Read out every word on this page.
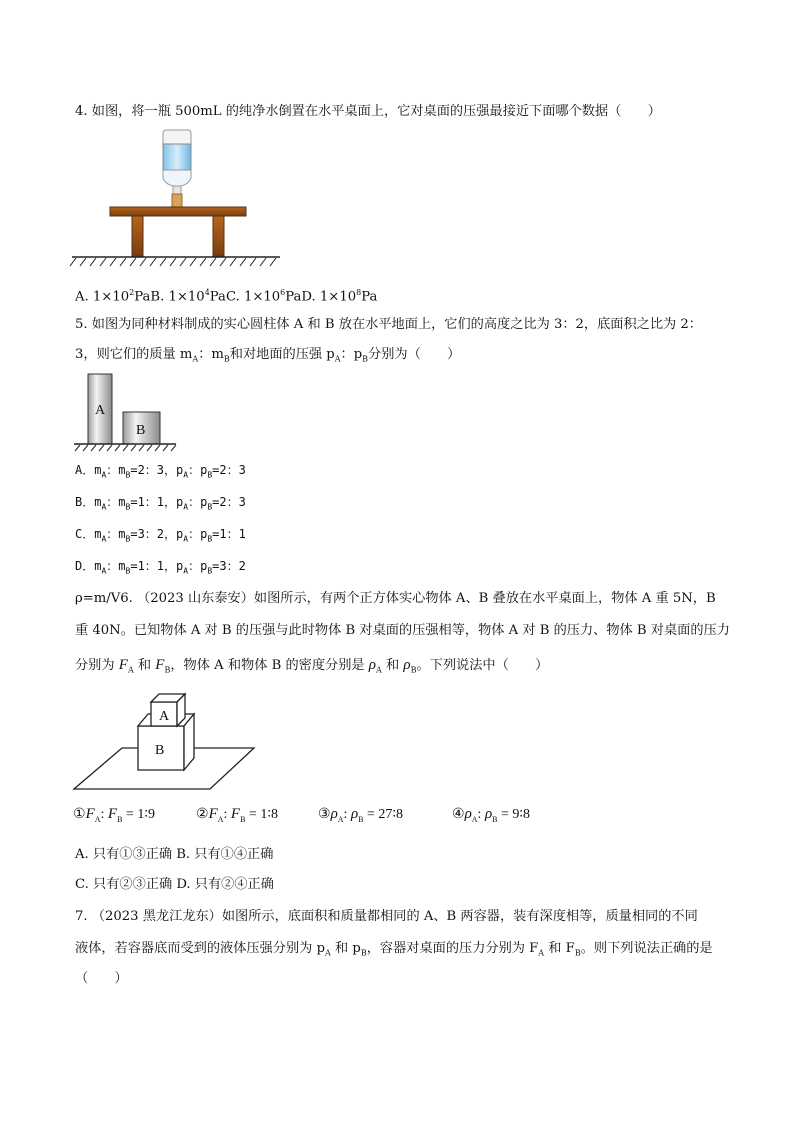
4. 如图，将一瓶 500mL 的纯净水倒置在水平桌面上，它对桌面的压强最接近下面哪个数据（　　）
A. $1\times 10^2PaB$. $1\times 10^4PaC$. $1\times 10^6PaD$. $1\times 10^8Pa$
5. 如图为同种材料制成的实心圆柱体 A 和 B 放在水平地面上，它们的高度之比为 3：2，底面积之比为 2：
3，则它们的质量 $m_A$：$m_B$和对地面的压强 $p_A$：$p_B$分别为（　　）
A
B
A．$m_A$：$m_B=2$：3，$p_A$：$p_B=2$：3
B．$m_A$：$m_B=1$：1，$p_A$：$p_B=2$：3
C．$m_A$：$m_B=3$：2，$p_A$：$p_B=1$：1
D．$m_A$：$m_B=1$：1，$p_A$：$p_B=3$：2
ρ=m/V6. （2023 山东泰安）如图所示，有两个正方体实心物体 A、B 叠放在水平桌面上，物体 A 重 5N，B
重 40N。已知物体 A 对 B 的压强与此时物体 B 对桌面的压强相等，物体 A 对 B 的压力、物体 B 对桌面的压力
分别为 $F_A$ 和 $F_B$，物体 A 和物体 B 的密度分别是 $\rho_A$ 和 $\rho_B$。下列说法中（　　）
A
B
$①F_A$: $F_B$ = 1∶9	$②F_A$: $F_B$ = 1∶8	$③\rho_A$: $\rho_B$ = 27∶8	$④\rho_A$: $\rho_B$ = 9∶8
A. 只有①③正确 B. 只有①④正确
C. 只有②③正确 D. 只有②④正确
7. （2023 黑龙江龙东）如图所示，底面积和质量都相同的 A、B 两容器，装有深度相等，质量相同的不同
液体，若容器底而受到的液体压强分别为 $p_A$ 和 $p_B$，容器对桌面的压力分别为 $F_A$ 和 $F_B$。则下列说法正确的是
（　　）
